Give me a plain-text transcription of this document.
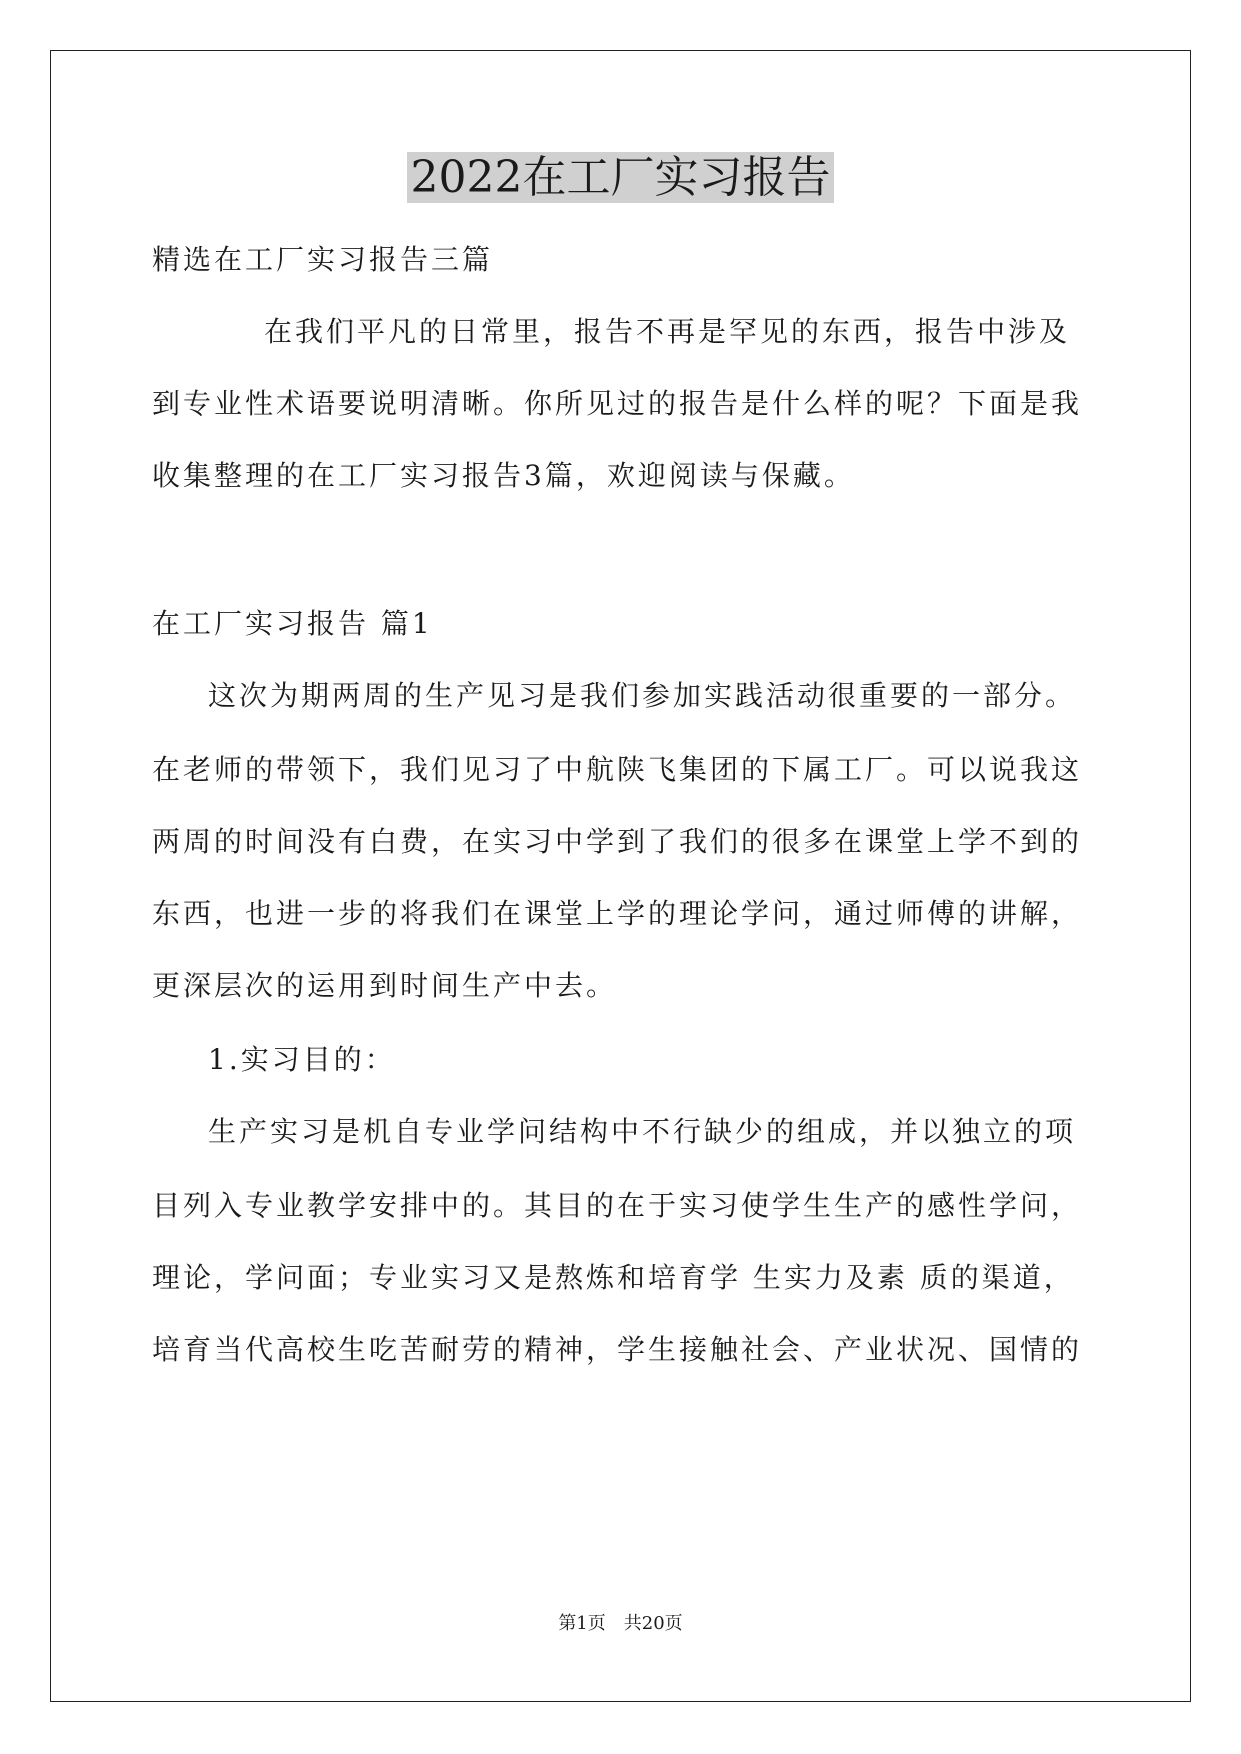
2022在工厂实习报告
精选在工厂实习报告三篇
在我们平凡的日常里，报告不再是罕见的东西，报告中涉及
到专业性术语要说明清晰。你所见过的报告是什么样的呢？下面是我
收集整理的在工厂实习报告3篇，欢迎阅读与保藏。
在工厂实习报告 篇1
这次为期两周的生产见习是我们参加实践活动很重要的一部分。
在老师的带领下，我们见习了中航陕飞集团的下属工厂。可以说我这
两周的时间没有白费，在实习中学到了我们的很多在课堂上学不到的
东西，也进一步的将我们在课堂上学的理论学问，通过师傅的讲解，
更深层次的运用到时间生产中去。
1.实习目的：
生产实习是机自专业学问结构中不行缺少的组成，并以独立的项
目列入专业教学安排中的。其目的在于实习使学生生产的感性学问，
理论，学问面；专业实习又是熬炼和培育学 生实力及素 质的渠道，
培育当代高校生吃苦耐劳的精神，学生接触社会、产业状况、国情的
第1页　共20页
